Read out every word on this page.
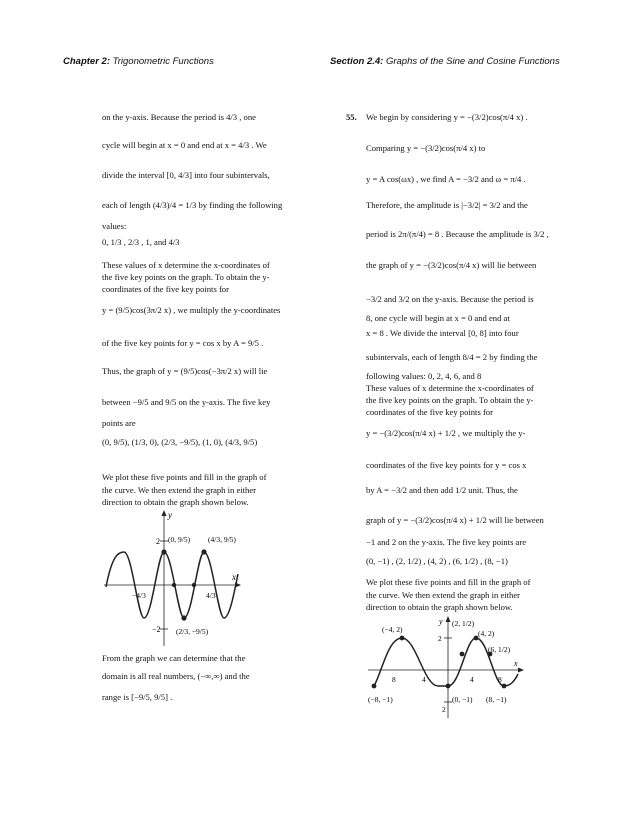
Chapter 2: Trigonometric Functions	Section 2.4: Graphs of the Sine and Cosine Functions
on the y-axis. Because the period is 4/3 , one
cycle will begin at x = 0 and end at x = 4/3 . We
divide the interval [0, 4/3] into four subintervals,
each of length (4/3)/4 = 1/3 by finding the following
values:
0, 1/3 , 2/3 , 1, and 4/3
These values of x determine the x-coordinates of
the five key points on the graph. To obtain the y-
coordinates of the five key points for
y = (9/5)cos(3π/2 x) , we multiply the y-coordinates
of the five key points for y = cos x by A = 9/5 .
Thus, the graph of y = (9/5)cos(−3π/2 x) will lie
between −9/5 and 9/5 on the y-axis. The five key
points are
(0, 9/5), (1/3, 0), (2/3, −9/5), (1, 0), (4/3, 9/5)
We plot these five points and fill in the graph of
the curve. We then extend the graph in either
direction to obtain the graph shown below.
y
x
2
−2
−4/3	4/3
(0, 9/5) (4/3, 9/5)
(2/3, −9/5)
From the graph we can determine that the
domain is all real numbers, (−∞,∞) and the
range is [−9/5, 9/5] .
55. We begin by considering y = −(3/2)cos(π/4 x) .
Comparing y = −(3/2)cos(π/4 x) to
y = A cos(ωx) , we find A = −3/2 and ω = π/4 .
Therefore, the amplitude is |−3/2| = 3/2 and the
period is 2π/(π/4) = 8 . Because the amplitude is 3/2 ,
the graph of y = −(3/2)cos(π/4 x) will lie between
−3/2 and 3/2 on the y-axis. Because the period is
8, one cycle will begin at x = 0 and end at
x = 8 . We divide the interval [0, 8] into four
subintervals, each of length 8/4 = 2 by finding the
following values: 0, 2, 4, 6, and 8
These values of x determine the x-coordinates of
the five key points on the graph. To obtain the y-
coordinates of the five key points for
y = −(3/2)cos(π/4 x) + 1/2 , we multiply the y-
coordinates of the five key points for y = cos x
by A = −3/2 and then add 1/2 unit. Thus, the
graph of y = −(3/2)cos(π/4 x) + 1/2 will lie between
−1 and 2 on the y-axis. The five key points are
(0, −1) , (2, 1/2) , (4, 2) , (6, 1/2) , (8, −1)
We plot these five points and fill in the graph of
the curve. We then extend the graph in either
direction to obtain the graph shown below.
y
x
2
2
8	4	4	8
(−4, 2)
(2, 1/2)
(4, 2)
(6, 1/2)
(−8, −1)	(0, −1) (8, −1)
